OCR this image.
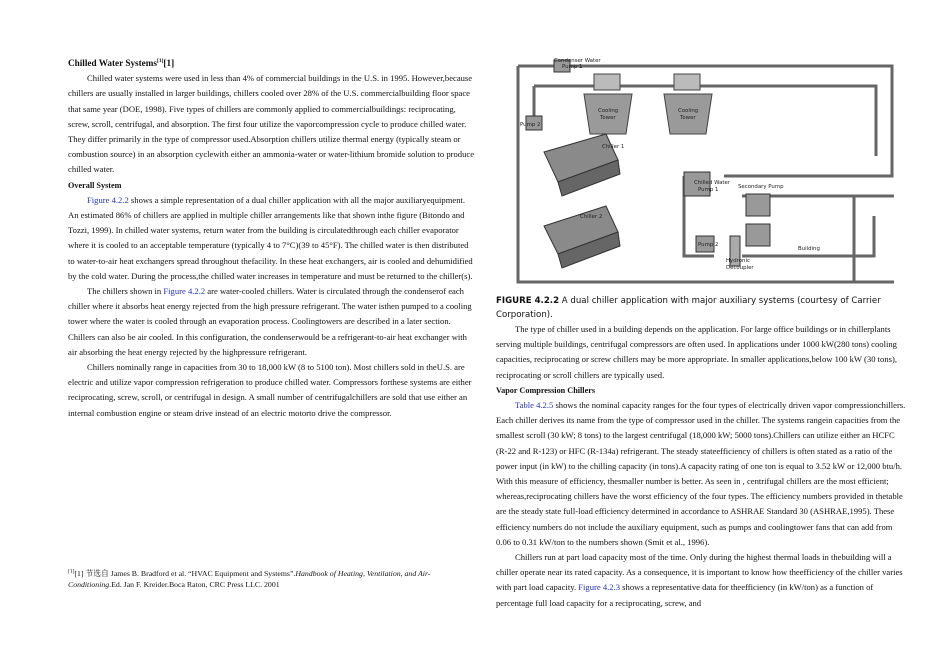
Chilled Water Systems[1][1]

Chilled water systems were used in less than 4% of commercial buildings in the U.S. in 1995. However,because chillers are usually installed in larger buildings, chillers cooled over 28% of the U.S. commercialbuilding floor space that same year (DOE, 1998). Five types of chillers are commonly applied to commercialbuildings: reciprocating, screw, scroll, centrifugal, and absorption. The first four utilize the vaporcompression cycle to produce chilled water. They differ primarily in the type of compressor used.Absorption chillers utilize thermal energy (typically steam or combustion source) in an absorption cyclewith either an ammonia-water or water-lithium bromide solution to produce chilled water.

Overall System

Figure 4.2.2 shows a simple representation of a dual chiller application with all the major auxiliaryequipment. An estimated 86% of chillers are applied in multiple chiller arrangements like that shown inthe figure (Bitondo and Tozzi, 1999). In chilled water systems, return water from the building is circulatedthrough each chiller evaporator where it is cooled to an acceptable temperature (typically 4 to 7°C)(39 to 45°F). The chilled water is then distributed to water-to-air heat exchangers spread throughout thefacility. In these heat exchangers, air is cooled and dehumidified by the cold water. During the process,the chilled water increases in temperature and must be returned to the chiller(s).

The chillers shown in Figure 4.2.2 are water-cooled chillers. Water is circulated through the condenserof each chiller where it absorbs heat energy rejected from the high pressure refrigerant. The water isthen pumped to a cooling tower where the water is cooled through an evaporation process. Coolingtowers are described in a later section. Chillers can also be air cooled. In this configuration, the condenserwould be a refrigerant-to-air heat exchanger with air absorbing the heat energy rejected by the highpressure refrigerant.

Chillers nominally range in capacities from 30 to 18,000 kW (8 to 5100 ton). Most chillers sold in theU.S. are electric and utilize vapor compression refrigeration to produce chilled water. Compressors forthese systems are either reciprocating, screw, scroll, or centrifugal in design. A small number of centrifugalchillers are sold that use either an internal combustion engine or steam drive instead of an electric motorto drive the compressor.

[1][1] 节选自 James B. Bradford et al. “HVAC Equipment and Systems”.Handbook of Heating, Ventilation, and Air-Conditioning.Ed. Jan F. Kreider.Boca Raton, CRC Press LLC. 2001
Condenser Water
Pump 1
Cooling
Tower
Cooling
Tower
Pump 2
Chiller 1
Chiller 2
Chilled Water
Pump 1
Pump 2
Secondary Pump
Building
Hydronic
Decoupler
FIGURE 4.2.2 A dual chiller application with major auxiliary systems (courtesy of Carrier Corporation).

The type of chiller used in a building depends on the application. For large office buildings or in chillerplants serving multiple buildings, centrifugal compressors are often used. In applications under 1000 kW(280 tons) cooling capacities, reciprocating or screw chillers may be more appropriate. In smaller applications,below 100 kW (30 tons), reciprocating or scroll chillers are typically used.

Vapor Compression Chillers

Table 4.2.5 shows the nominal capacity ranges for the four types of electrically driven vapor compressionchillers. Each chiller derives its name from the type of compressor used in the chiller. The systems rangein capacities from the smallest scroll (30 kW; 8 tons) to the largest centrifugal (18,000 kW; 5000 tons).Chillers can utilize either an HCFC (R-22 and R-123) or HFC (R-134a) refrigerant. The steady stateefficiency of chillers is often stated as a ratio of the power input (in kW) to the chilling capacity (in tons).A capacity rating of one ton is equal to 3.52 kW or 12,000 btu/h. With this measure of efficiency, thesmaller number is better. As seen in , centrifugal chillers are the most efficient; whereas,reciprocating chillers have the worst efficiency of the four types. The efficiency numbers provided in thetable are the steady state full-load efficiency determined in accordance to ASHRAE Standard 30 (ASHRAE,1995). These efficiency numbers do not include the auxiliary equipment, such as pumps and coolingtower fans that can add from 0.06 to 0.31 kW/ton to the numbers shown (Smit et al., 1996).

Chillers run at part load capacity most of the time. Only during the highest thermal loads in thebuilding will a chiller operate near its rated capacity. As a consequence, it is important to know how theefficiency of the chiller varies with part load capacity. Figure 4.2.3 shows a representative data for theefficiency (in kW/ton) as a function of percentage full load capacity for a reciprocating, screw, and
